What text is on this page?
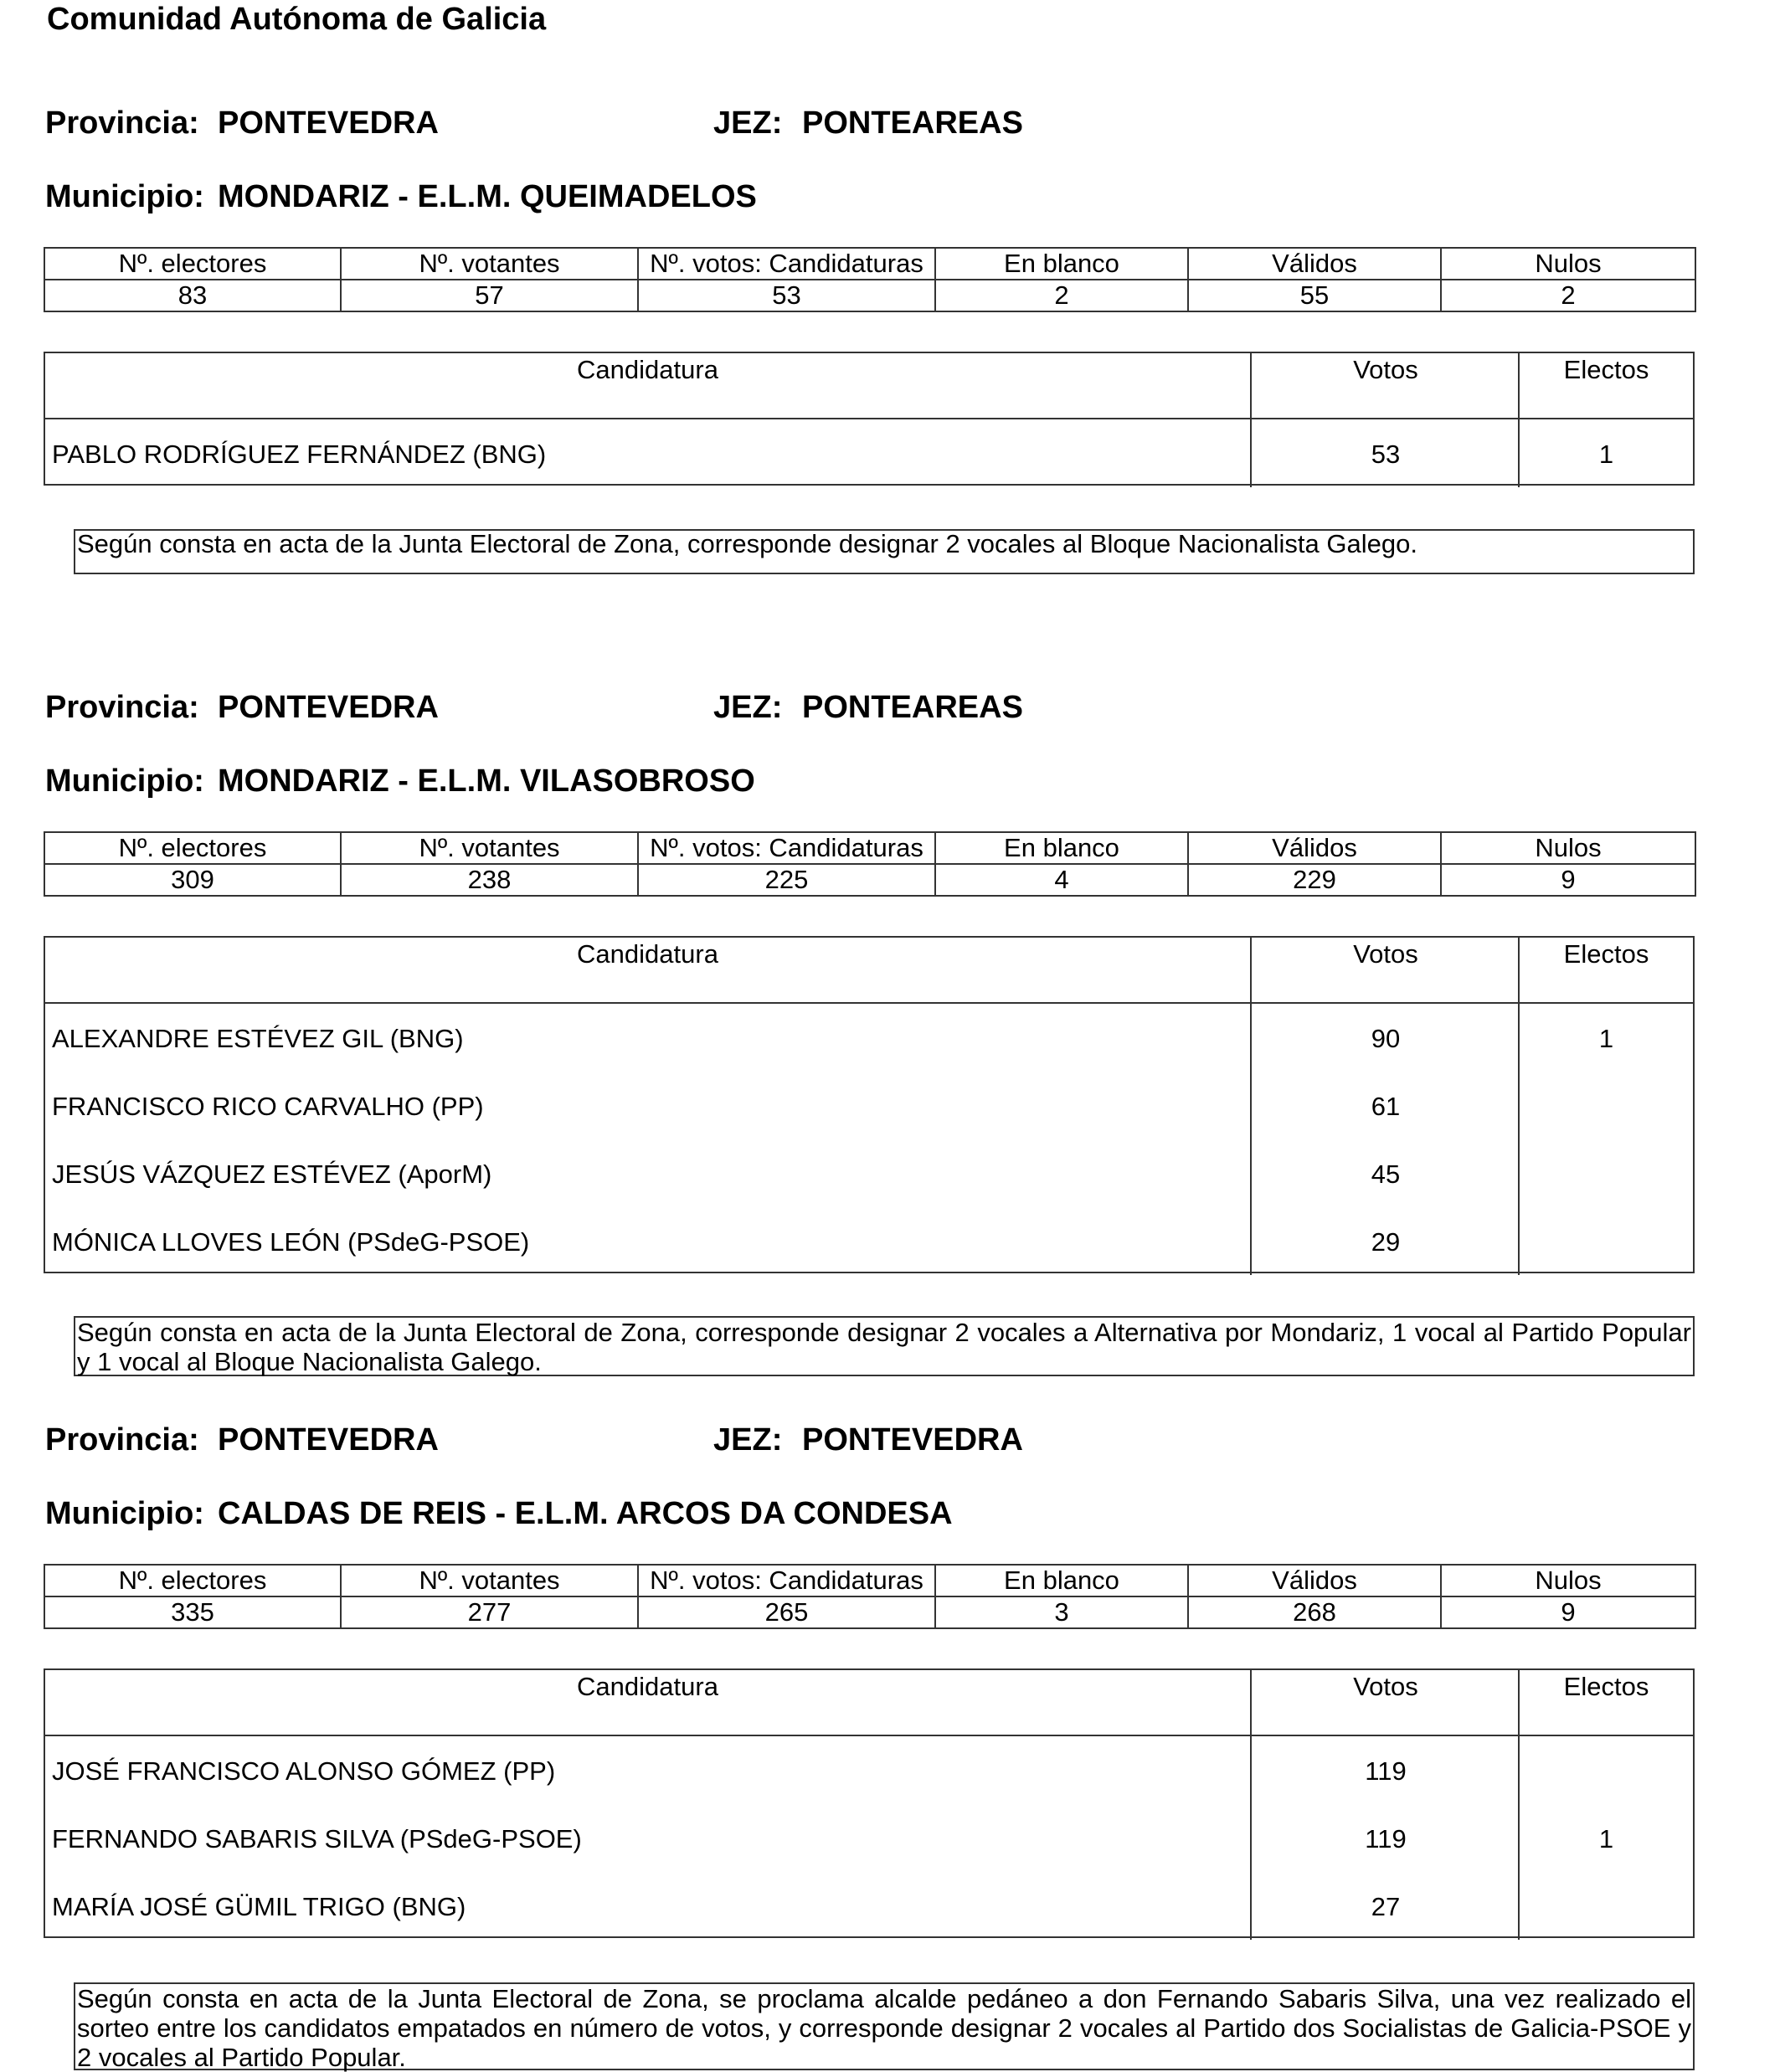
Comunidad Autónoma de Galicia
Provincia: PONTEVEDRA	JEZ: PONTEAREAS
Municipio: MONDARIZ - E.L.M. QUEIMADELOS
Nº. electores	Nº. votantes	Nº. votos: Candidaturas	En blanco	Válidos	Nulos
83	57	53	2	55	2
Candidatura	Votos	Electos
PABLO RODRÍGUEZ FERNÁNDEZ (BNG)	53	1
Según consta en acta de la Junta Electoral de Zona, corresponde designar 2 vocales al Bloque Nacionalista Galego.
Provincia: PONTEVEDRA	JEZ: PONTEAREAS
Municipio: MONDARIZ - E.L.M. VILASOBROSO
Nº. electores	Nº. votantes	Nº. votos: Candidaturas	En blanco	Válidos	Nulos
309	238	225	4	229	9
Candidatura	Votos	Electos
ALEXANDRE ESTÉVEZ GIL (BNG)	90	1
FRANCISCO RICO CARVALHO (PP)	61
JESÚS VÁZQUEZ ESTÉVEZ (AporM)	45
MÓNICA LLOVES LEÓN (PSdeG-PSOE)	29
Según consta en acta de la Junta Electoral de Zona, corresponde designar 2 vocales a Alternativa por Mondariz, 1 vocal al Partido Popular y 1 vocal al Bloque Nacionalista Galego.
Provincia: PONTEVEDRA	JEZ: PONTEVEDRA
Municipio: CALDAS DE REIS - E.L.M. ARCOS DA CONDESA
Nº. electores	Nº. votantes	Nº. votos: Candidaturas	En blanco	Válidos	Nulos
335	277	265	3	268	9
Candidatura	Votos	Electos
JOSÉ FRANCISCO ALONSO GÓMEZ (PP)	119
FERNANDO SABARIS SILVA (PSdeG-PSOE)	119	1
MARÍA JOSÉ GÜMIL TRIGO (BNG)	27
Según consta en acta de la Junta Electoral de Zona, se proclama alcalde pedáneo a don Fernando Sabaris Silva, una vez realizado el sorteo entre los candidatos empatados en número de votos, y corresponde designar 2 vocales al Partido dos Socialistas de Galicia-PSOE y 2 vocales al Partido Popular.
